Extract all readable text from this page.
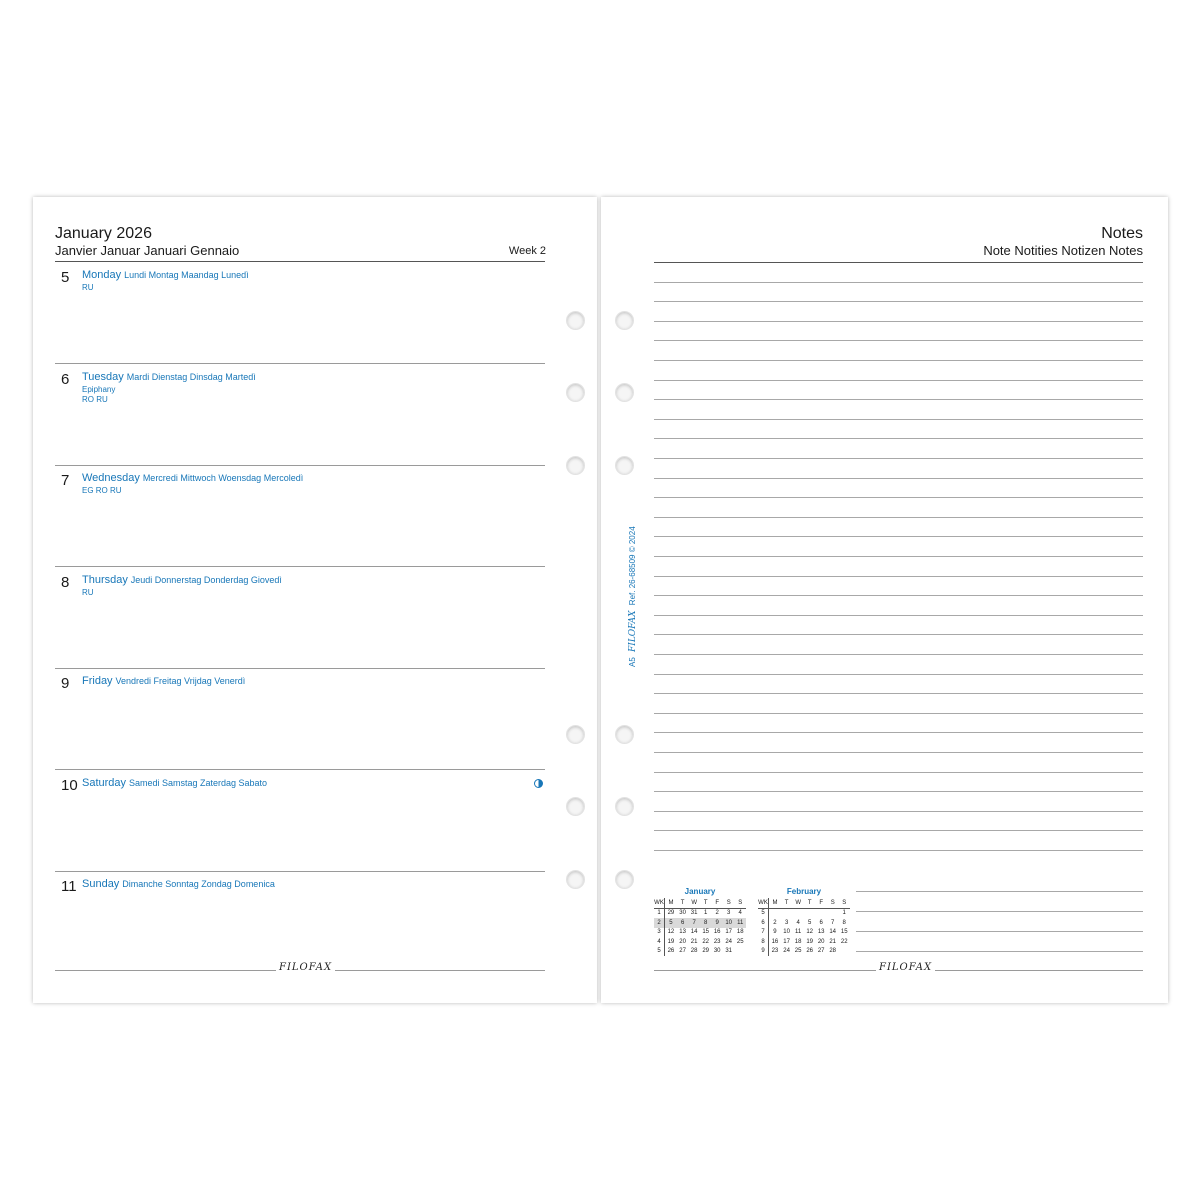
January 2026
Janvier Januar Januari Gennaio	Week 2
5 Monday Lundi Montag Maandag Lunedì
RU
6 Tuesday Mardi Dienstag Dinsdag Martedì
Epiphany
RO RU
7 Wednesday Mercredi Mittwoch Woensdag Mercoledì
EG RO RU
8 Thursday Jeudi Donnerstag Donderdag Giovedì
RU
9 Friday Vendredi Freitag Vrijdag Venerdì
10 Saturday Samedi Samstag Zaterdag Sabato
11 Sunday Dimanche Sonntag Zondag Domenica
FILOFAX
Notes
Note Notities Notizen Notes
A5 FILOFAX Ref. 26-68509 © 2024
January
WK	M	T	W	T	F	S	S
1	29	30	31	1	2	3	4
2	5	6	7	8	9	10	11
3	12	13	14	15	16	17	18
4	19	20	21	22	23	24	25
5	26	27	28	29	30	31	
February
WK	M	T	W	T	F	S	S
5							1
6	2	3	4	5	6	7	8
7	9	10	11	12	13	14	15
8	16	17	18	19	20	21	22
9	23	24	25	26	27	28	
FILOFAX
